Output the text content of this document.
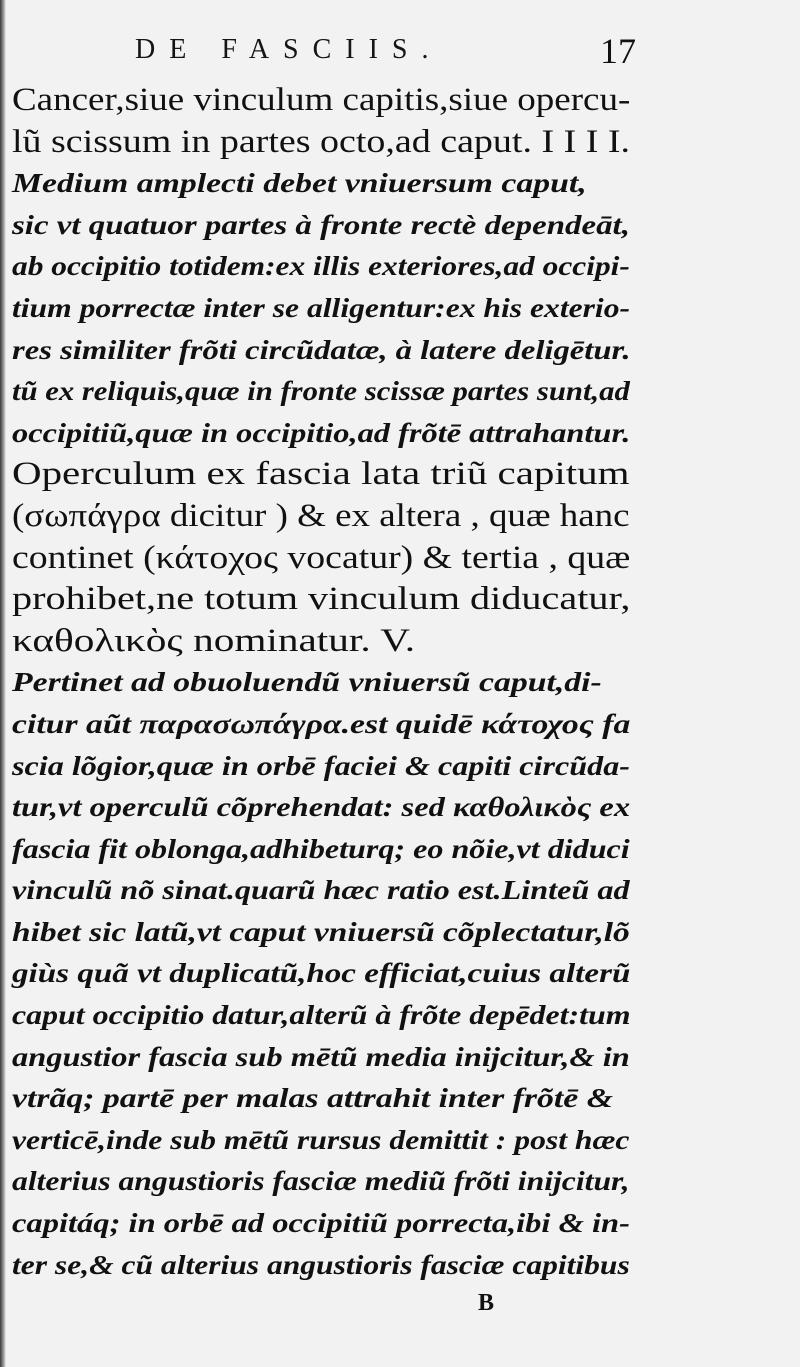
DE FASCIIS.	17
Cancer,siue vinculum capitis,siue opercu-
lũ scissum in partes octo,ad caput. I I I I.
Medium amplecti debet vniuersum caput,
sic vt quatuor partes à fronte rectè dependeāt,
ab occipitio totidem:ex illis exteriores,ad occipi-
tium porrectæ inter se alligentur:ex his exterio-
res similiter frõti circũdatæ, à latere deligētur.
tũ ex reliquis,quæ in fronte scissæ partes sunt,ad
occipitiũ,quæ in occipitio,ad frõtē attrahantur.
Operculum ex fascia lata triũ capitum
(σωπάγρα dicitur ) & ex altera , quæ hanc
continet (κάτοχος vocatur) & tertia , quæ
prohibet,ne totum vinculum diducatur,
καθολικὸς nominatur. V.
Pertinet ad obuoluendũ vniuersũ caput,di-
citur aũt παρασωπάγρα.est quidē κάτοχος fa
scia lõgior,quæ in orbē faciei & capiti circũda-
tur,vt operculũ cõprehendat: sed καθολικὸς ex
fascia fit oblonga,adhibeturq; eo nõie,vt diduci
vinculũ nõ sinat.quarũ hæc ratio est.Linteũ ad
hibet sic latũ,vt caput vniuersũ cõplectatur,lõ
giùs quã vt duplicatũ,hoc efficiat,cuius alterũ
caput occipitio datur,alterũ à frõte depēdet:tum
angustior fascia sub mētũ media inijcitur,& in
vtrãq; partē per malas attrahit inter frõtē &
verticē,inde sub mētũ rursus demittit : post hæc
alterius angustioris fasciæ mediũ frõti inijcitur,
capitáq; in orbē ad occipitiũ porrecta,ibi & in-
ter se,& cũ alterius angustioris fasciæ capitibus
B
